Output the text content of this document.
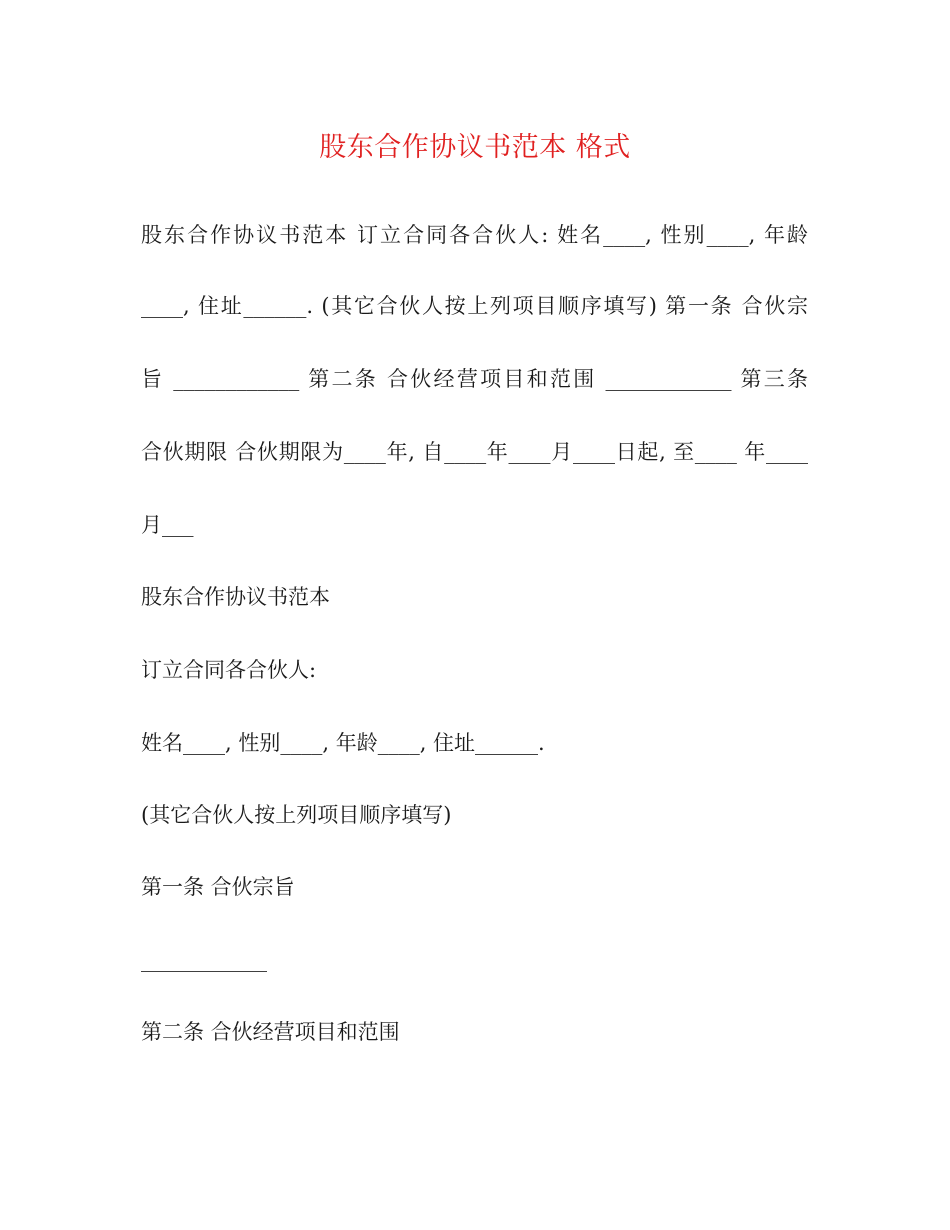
股东合作协议书范本 格式
股东合作协议书范本 订立合同各合伙人: 姓名____, 性别____, 年龄
____, 住址______. (其它合伙人按上列项目顺序填写) 第一条 合伙宗
旨 ____________ 第二条 合伙经营项目和范围 ____________ 第三条
合伙期限 合伙期限为____年, 自____年____月____日起, 至____ 年____
月___
股东合作协议书范本
订立合同各合伙人:
姓名____, 性别____, 年龄____, 住址______.
(其它合伙人按上列项目顺序填写)
第一条 合伙宗旨
____________
第二条 合伙经营项目和范围
